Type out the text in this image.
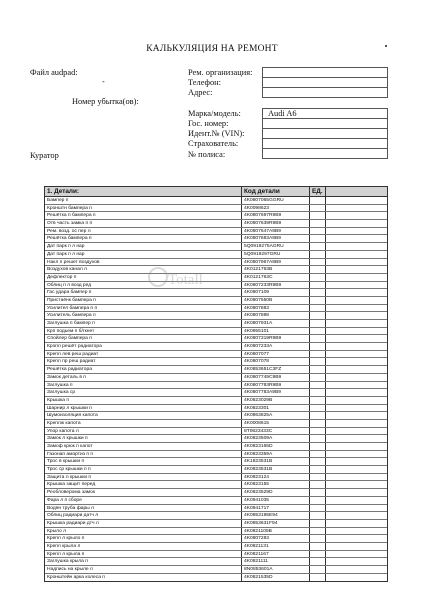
КАЛЬКУЛЯЦИЯ НА РЕМОНТ
Файл audpad:
-
Номер убытка(ов):
Куратор
Рем. организация:
Телефон:
Адрес:
Марка/модель:
Гос. номер:
Идент.№ (VIN):
Страхователь:
№ полиса:
Audi A6
1. Детали:	Код детали	ЕД.
Бампер п	4K0807065GGRU
Кронштн бампера п	4K0098623
Решётка п бампера п	4K0807697R9B9
Отв часть замка п п	4K0807639R9B9
Рем. возд. ос пер л	4K0807647A9B9
Решётка бампера п	4K0807683A9B9
Дат парк п л нар	5Q0919275AGRU
Дат парк п л нар	5Q0919297GRU
Накл п решет воздухов	4K0807967A9B9
Воздухов канал л	4K0121763B
Дефлектор п	4K0121763C
Облиц п л возд ред	4K0807233R9B9
Гас удара бампер п	4K0807109
Пристаёнк бампера п	4K0807550B
Усилител бампера п п	4K0807883
Усилитель бампера п	4K0807888
Заглушка п бампер п	4K0807931A
Крп подьем п б/гкнет	4K0955101
Спойлер бампера п	4K0807319R9B9
Кропл решёт радиатора	4K0807233A
Крепл лев реш радиат	4K0807077
Крепл пр реш радиат	4K0807078
Решётка радиатора	4K0853651C3FZ
Замок деталь в п	4K0807749C9B9
Заглушка п	4K0807783R9B9
Заглушка ср	4K0807783A9B9
Крышка п	4K0823029B
Шарнир л крышки п	4K0823301
Шумоизоляция капота	4K0863825A
Креплж капота	4K0008615
Упор капота л	8T0823433C
Замок л крышки п	4K0823509A
Замоф крюк п капот	4K0823165D
Газонап амортиз п п	4K0823359A
Трос в крышки п	4K1823531B
Трос ср крышки п п	4K0823531B
Защита л крышки п	4K0823124
Крышка защит перед	4K0823155
Реобловерома замок	4K0823529D
Фара л п сборе	4K0941035
Водян трубa фары л	4K0941717
Облиц радиари датч л	4K0853195E94
Крышка радиари дтч л	4K0853631F94
Крыло л	4K0821105B
Крепл л крыло п	4K0807283
Крепл крыла л	4K0821131
Крепл л крыла п	4K0821167
Заглушка крыла п	4K0821111
Надпись на крыле л	8N0853601A
Кронштейн арка колеса п	4K0821535D
Totall
